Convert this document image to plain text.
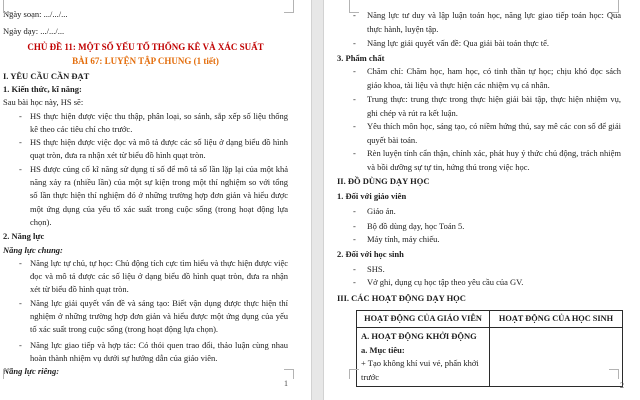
Ngày soạn: .../.../...
Ngày dạy: .../.../...
CHỦ ĐỀ 11: MỘT SỐ YẾU TỐ THỐNG KÊ VÀ XÁC SUẤT
BÀI 67: LUYỆN TẬP CHUNG (1 tiết)
I. YÊU CẦU CẦN ĐẠT
1. Kiến thức, kĩ năng:
Sau bài học này, HS sẽ:
- HS thực hiện được việc thu thập, phân loại, so sánh, sắp xếp số liệu thống kê theo các tiêu chí cho trước.
- HS thực hiện được việc đọc và mô tả được các số liệu ở dạng biểu đồ hình quạt tròn, đưa ra nhận xét từ biểu đồ hình quạt tròn.
- HS được củng cố kĩ năng sử dụng tỉ số để mô tả số lần lặp lại của một khả năng xảy ra (nhiều lần) của một sự kiện trong một thí nghiệm so với tổng số lần thực hiện thí nghiệm đó ở những trường hợp đơn giản và hiểu được một ứng dụng của yếu tố xác suất trong cuộc sống (trong hoạt động lựa chọn).
2. Năng lực
Năng lực chung:
- Năng lực tự chủ, tự học: Chủ động tích cực tìm hiểu và thực hiện được việc đọc và mô tả được các số liệu ở dạng biểu đồ hình quạt tròn, đưa ra nhận xét từ biểu đồ hình quạt tròn.
- Năng lực giải quyết vấn đề và sáng tạo: Biết vận dụng được thực hiện thí nghiệm ở những trường hợp đơn giản và hiểu được một ứng dụng của yếu tố xác suất trong cuộc sống (trong hoạt động lựa chọn).
- Năng lực giao tiếp và hợp tác: Có thói quen trao đổi, thảo luận cùng nhau hoàn thành nhiệm vụ dưới sự hướng dẫn của giáo viên.
Năng lực riêng:
1
- Năng lực tư duy và lập luận toán học, năng lực giao tiếp toán học: Qua thực hành, luyện tập.
- Năng lực giải quyết vấn đề: Qua giải bài toán thực tế.
3. Phẩm chất
- Chăm chỉ: Chăm học, ham học, có tinh thần tự học; chịu khó đọc sách giáo khoa, tài liệu và thực hiện các nhiệm vụ cá nhân.
- Trung thực: trung thực trong thực hiện giải bài tập, thực hiện nhiệm vụ, ghi chép và rút ra kết luận.
- Yêu thích môn học, sáng tạo, có niềm hứng thú, say mê các con số để giải quyết bài toán.
- Rèn luyện tính cẩn thận, chính xác, phát huy ý thức chủ động, trách nhiệm và bồi dưỡng sự tự tin, hứng thú trong việc học.
II. ĐỒ DÙNG DẠY HỌC
1. Đối với giáo viên
- Giáo án.
- Bộ đồ dùng dạy, học Toán 5.
- Máy tính, máy chiếu.
2. Đối với học sinh
- SHS.
- Vở ghi, dụng cụ học tập theo yêu cầu của GV.
III. CÁC HOẠT ĐỘNG DẠY HỌC
HOẠT ĐỘNG CỦA GIÁO VIÊN	HOẠT ĐỘNG CỦA HỌC SINH

A. HOẠT ĐỘNG KHỞI ĐỘNG
a. Mục tiêu:
+ Tạo không khí vui vẻ, phấn khởi trước	

2
